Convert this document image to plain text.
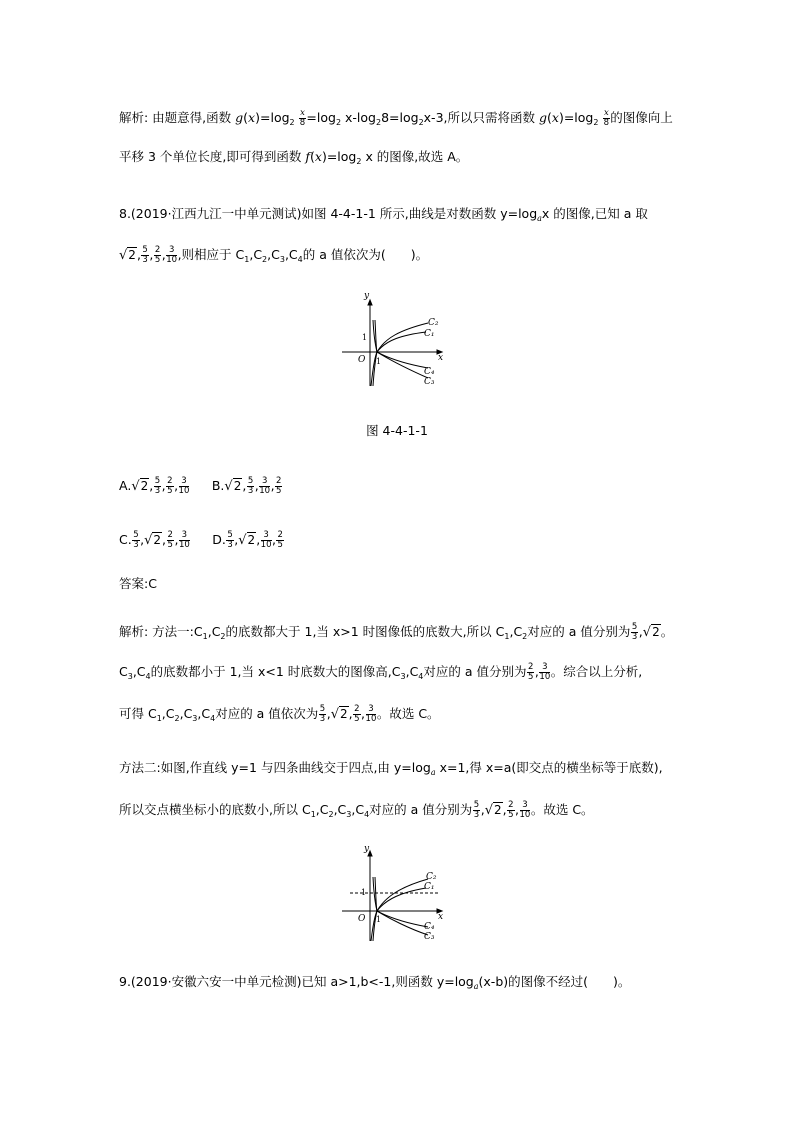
解析: 由题意得,函数 $g(x)=\log_2 \frac{x}{8} =\log_2$ $x-\log_28=\log_2x-3$,所以只需将函数 $g(x)=\log_2 \frac{x}{8}$ 的图像向上
平移 3 个单位长度,即可得到函数 $f(x)=\log_2$ x 的图像,故选 A。
8.(2019·江西九江一中单元测试)如图 4-4-1-1 所示,曲线是对数函数 $y=\log_ax$ 的图像,已知 a 取
√2, $\frac{5}{3}$ , $\frac{2}{5}$ , $\frac{3}{10}$ ,则相应于 $C_1,C_2,C_3,C_4$的 a 值依次为(　　)。
y
x
O
1
1
C₂
C₁
C₄
C₃
图 4-4-1-1
A.√2, $\frac{5}{3}$ , $\frac{2}{5}$ , $\frac{3}{10} B.√2$, $\frac{5}{3}$ , $\frac{3}{10}$ , $\frac{2}{5}$
C. $\frac{5}{3} ,√2$, $\frac{2}{5}$ , $\frac{3}{10} D$. $\frac{5}{3} ,√2$, $\frac{3}{10}$ , $\frac{2}{5}$
答案:C
解析: 方法一$:C_1,C_2$的底数都大于 1,当 x>1 时图像低的底数大,所以 $C_1,C_2$对应的 a 值分别为 $\frac{5}{3} ,√2$。
$C_3,C_4$的底数都小于 1,当 x<1 时底数大的图像高$,C_3,C_4$对应的 a 值分别为 $\frac{2}{5}$ , $\frac{3}{10}$ 。综合以上分析,
可得 $C_1,C_2,C_3,C_4$对应的 a 值依次为 $\frac{5}{3} ,√2$, $\frac{2}{5}$ , $\frac{3}{10}$ 。故选 C。
方法二:如图,作直线 y=1 与四条曲线交于四点,由 $y=\log_a$ x=1,得 x=a(即交点的横坐标等于底数),
所以交点横坐标小的底数小,所以 $C_1,C_2,C_3,C_4$对应的 a 值分别为 $\frac{5}{3} ,√2$, $\frac{2}{5}$ , $\frac{3}{10}$ 。故选 C。
y
x
O
1
1
C₂
C₁
C₄
C₃
9.(2019·安徽六安一中单元检测)已知 a>1,b<-1,则函数 $y=\log_a(x-b)$的图像不经过(　　)。
